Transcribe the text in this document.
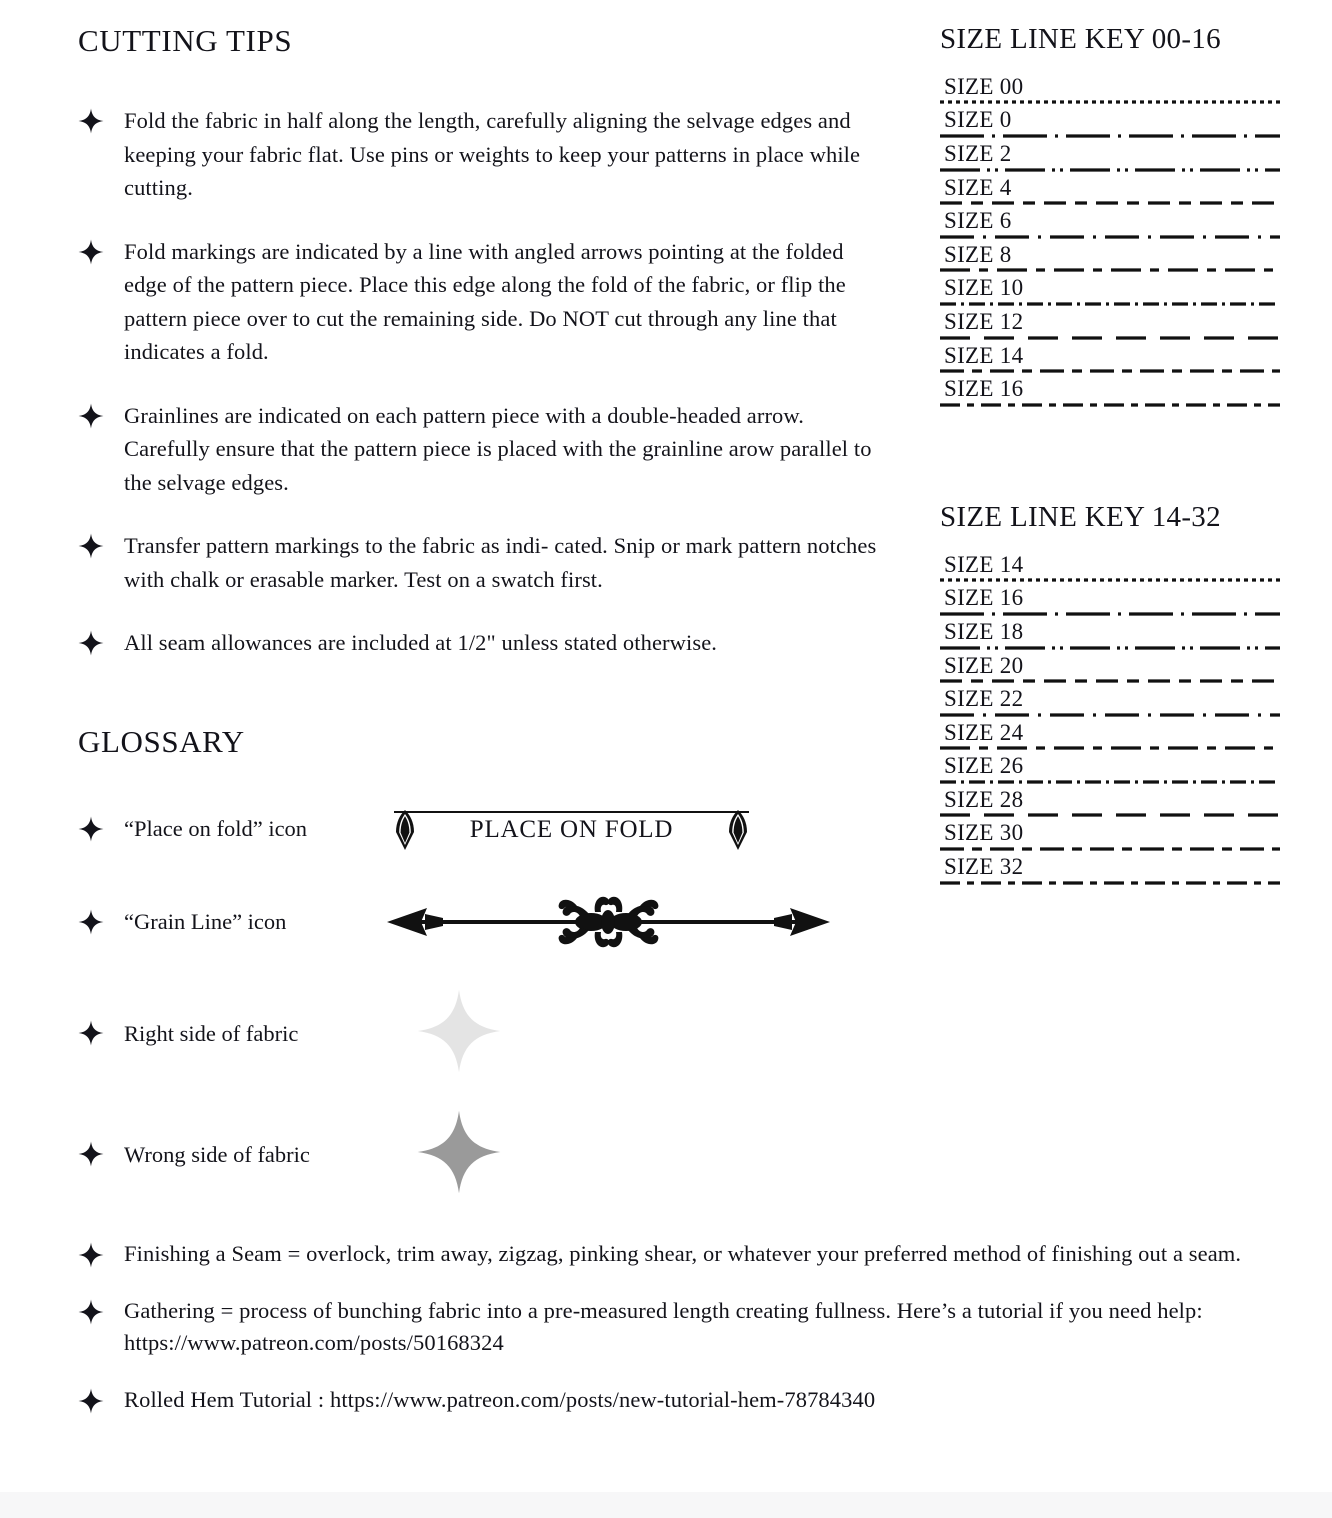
CUTTING TIPS
Fold the fabric in half along the length, carefully aligning the selvage edges and keeping your fabric flat. Use pins or weights to keep your patterns in place while cutting.
Fold markings are indicated by a line with angled arrows pointing at the folded edge of the pattern piece. Place this edge along the fold of the fabric, or flip the pattern piece over to cut the remaining side. Do NOT cut through any line that indicates a fold.
Grainlines are indicated on each pattern piece with a double-headed arrow. Carefully ensure that the pattern piece is placed with the grainline arow parallel to the selvage edges.
Transfer pattern markings to the fabric as indi- cated. Snip or mark pattern notches with chalk or erasable marker. Test on a swatch first.
All seam allowances are included at 1/2" unless stated otherwise.
GLOSSARY
“Place on fold” icon	PLACE ON FOLD
“Grain Line” icon
Right side of fabric
Wrong side of fabric
Finishing a Seam = overlock, trim away, zigzag, pinking shear, or whatever your preferred method of finishing out a seam.
Gathering = process of bunching fabric into a pre-measured length creating fullness. Here’s a tutorial if you need help: https://www.patreon.com/posts/50168324
Rolled Hem Tutorial : https://www.patreon.com/posts/new-tutorial-hem-78784340
SIZE LINE KEY 00-16
SIZE 00
SIZE 0
SIZE 2
SIZE 4
SIZE 6
SIZE 8
SIZE 10
SIZE 12
SIZE 14
SIZE 16
SIZE LINE KEY 14-32
SIZE 14
SIZE 16
SIZE 18
SIZE 20
SIZE 22
SIZE 24
SIZE 26
SIZE 28
SIZE 30
SIZE 32
